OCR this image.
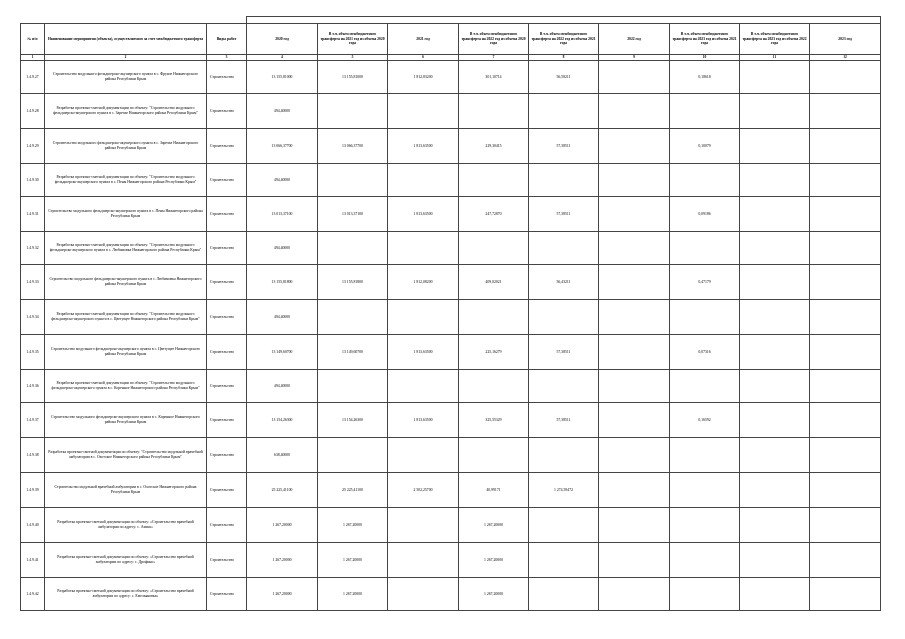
№ п/п	Наименование мероприятия (объекта), осуществляемого за счет межбюджетного трансферта	Виды работ	2020 год	В т.ч. объем межбюджетного трансферта на 2021 год из объема 2020 года	2021 год	В т.ч. объем межбюджетного трансферта на 2022 год из объема 2020 года	В т.ч. объем межбюджетного трансферта на 2022 год из объема 2021 года	2022 год	В т.ч. объем межбюджетного трансферта на 2023 год из объема 2021 года	В т.ч. объем межбюджетного трансферта на 2023 год из объема 2022 года	2023 год
1	2	3	4	5	6	7	8	9	10	11	12
1.4.9.27	Строительство модульного фельдшерско-акушерского пункта в с. Фрунзе Нижнегорского района Республики Крым	Строительство	13 155,81000	13 155,81000	1 812,83200	301,10714	56,58211		0,18618		
1.4.9.28	Разработка проектно-сметной документации по объекту: "Строительство модульного фельдшерско-акушерского пункта в с. Заречье Нижнегорского района Республики Крым"	Строительство	494,40000								
1.4.9.29	Строительство модульного фельдшерско-акушерского пункта в с. Заречье Нижнегорского района Республики Крым	Строительство	13 066,37700	13 066,37700	1 813,63500	229,30415	57,38511		0,10079		
1.4.9.30	Разработка проектно-сметной документации по объекту: "Строительство модульного фельдшерско-акушерского пункта в с. Пены Нижнегорского района Республики Крым"	Строительство	494,40000								
1.4.9.31	Строительство модульного фельдшерско-акушерского пункта в с. Пены Нижнегорского района Республики Крым	Строительство	13 013,37100	13 013,37100	1 813,63500	247,72870	57,38511		0,09186		
1.4.9.32	Разработка проектно-сметной документации по объекту: "Строительство модульного фельдшерско-акушерского пункта в с. Любимовка Нижнегорского района Республики Крым"	Строительство	494,40000								
1.4.9.33	Строительство модульного фельдшерско-акушерского пункта в с. Любимовка Нижнегорского района Республики Крым	Строительство	13 155,81800	13 155,81800	1 812,08200	409,02021	56,43211		0,47179		
1.4.9.34	Разработка проектно-сметной документации по объекту: "Строительство модульного фельдшерско-акушерского пункта в с. Цветущее Нижнегорского района Республики Крым"	Строительство	494,40000								
1.4.9.35	Строительство модульного фельдшерско-акушерского пункта в с. Цветущее Нижнегорского района Республики Крым	Строительство	13 149,60700	13 149,60700	1 813,63500	225,16279	57,38511		0,07316		
1.4.9.36	Разработка проектно-сметной документации по объекту: "Строительство модульного фельдшерско-акушерского пункта в с. Коренное Нижнегорского района Республики Крым"	Строительство	494,40000								
1.4.9.37	Строительство модульного фельдшерско-акушерского пункта в с. Коренное Нижнегорского района Республики Крым	Строительство	13 154,26300	13 154,26300	1 813,63500	325,55329	57,38511		0,16592		
1.4.9.38	Разработка проектно-сметной документации по объекту: "Строительство модульной врачебной амбулатории в с. Охотское Нижнегорского района Республики Крым"	Строительство	638,40000								
1.4.9.39	Строительство модульной врачебной амбулатории в с. Охотское Нижнегорского района Республики Крым	Строительство	25 225,41100	25 225,41100	2 502,25700	40,99171	1 274,59472				
1.4.9.40	Разработка проектно-сметной документации по объекту: «Строительство врачебной амбулатории по адресу: с. Амиш»	Строительство	1 267,20000	1 267,20000		1 267,20000					
1.4.9.41	Разработка проектно-сметной документации по объекту: «Строительство врачебной амбулатории по адресу: с. Дрофино»	Строительство	1 267,20000	1 267,20000		1 267,20000					
1.4.9.42	Разработка проектно-сметной документации по объекту: «Строительство врачебной амбулатории по адресу: с. Емельяновка»	Строительство	1 267,20000	1 267,20000		1 267,20000					
